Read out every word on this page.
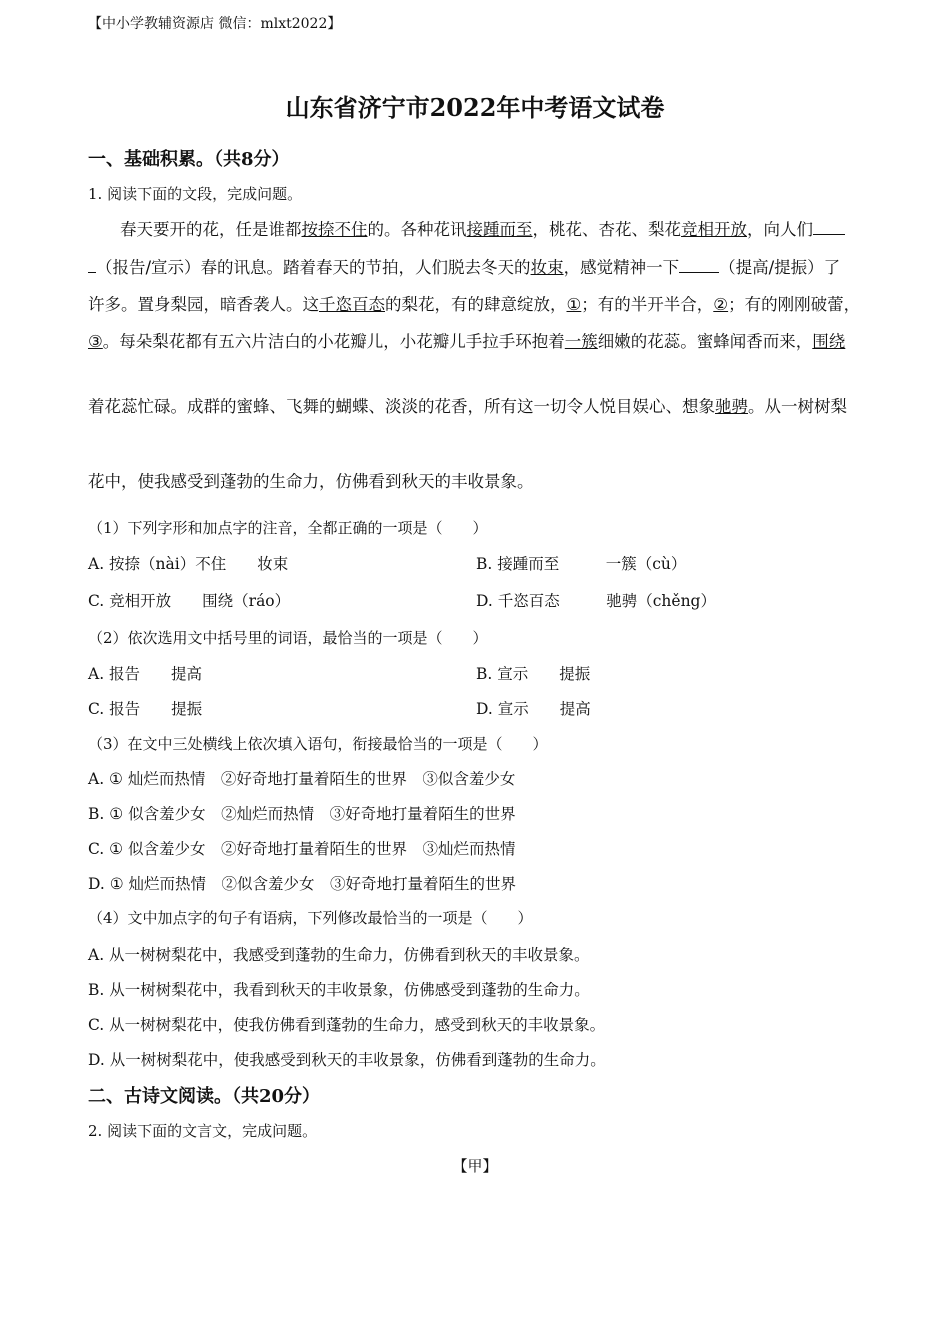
【中小学教辅资源店 微信：mlxt2022】
山东省济宁市2022年中考语文试卷
一、基础积累。（共8分）
1. 阅读下面的文段，完成问题。
春天要开的花，任是谁都按捺不住的。各种花讯接踵而至，桃花、杏花、梨花竞相开放，向人们
（报告/宣示）春的讯息。踏着春天的节拍，人们脱去冬天的妆束，感觉精神一下 （提高/提振）了
许多。置身梨园，暗香袭人。这千恣百态的梨花，有的肆意绽放，①；有的半开半合，②；有的刚刚破蕾，
③。每朵梨花都有五六片洁白的小花瓣儿，小花瓣儿手拉手环抱着一簇细嫩的花蕊。蜜蜂闻香而来，围绕
着花蕊忙碌。成群的蜜蜂、飞舞的蝴蝶、淡淡的花香，所有这一切令人悦目娱心、想象驰骋。从一树树梨
花中，使我感受到蓬勃的生命力，仿佛看到秋天的丰收景象。
（1）下列字形和加点字的注音，全都正确的一项是（　　）
A. 按捺（nài）不住　　妆束	B. 接踵而至　　　一簇（cù）
C. 竞相开放　　围绕（ráo）	D. 千恣百态　　　驰骋（chěng）
（2）依次选用文中括号里的词语，最恰当的一项是（　　）
A. 报告　　提高	B. 宣示　　提振
C. 报告　　提振	D. 宣示　　提高
（3）在文中三处横线上依次填入语句，衔接最恰当的一项是（　　）
A. ① 灿烂而热情　②好奇地打量着陌生的世界　③似含羞少女
B. ① 似含羞少女　②灿烂而热情　③好奇地打量着陌生的世界
C. ① 似含羞少女　②好奇地打量着陌生的世界　③灿烂而热情
D. ① 灿烂而热情　②似含羞少女　③好奇地打量着陌生的世界
（4）文中加点字的句子有语病，下列修改最恰当的一项是（　　）
A. 从一树树梨花中，我感受到蓬勃的生命力，仿佛看到秋天的丰收景象。
B. 从一树树梨花中，我看到秋天的丰收景象，仿佛感受到蓬勃的生命力。
C. 从一树树梨花中，使我仿佛看到蓬勃的生命力，感受到秋天的丰收景象。
D. 从一树树梨花中，使我感受到秋天的丰收景象，仿佛看到蓬勃的生命力。
二、古诗文阅读。（共20分）
2. 阅读下面的文言文，完成问题。
【甲】
